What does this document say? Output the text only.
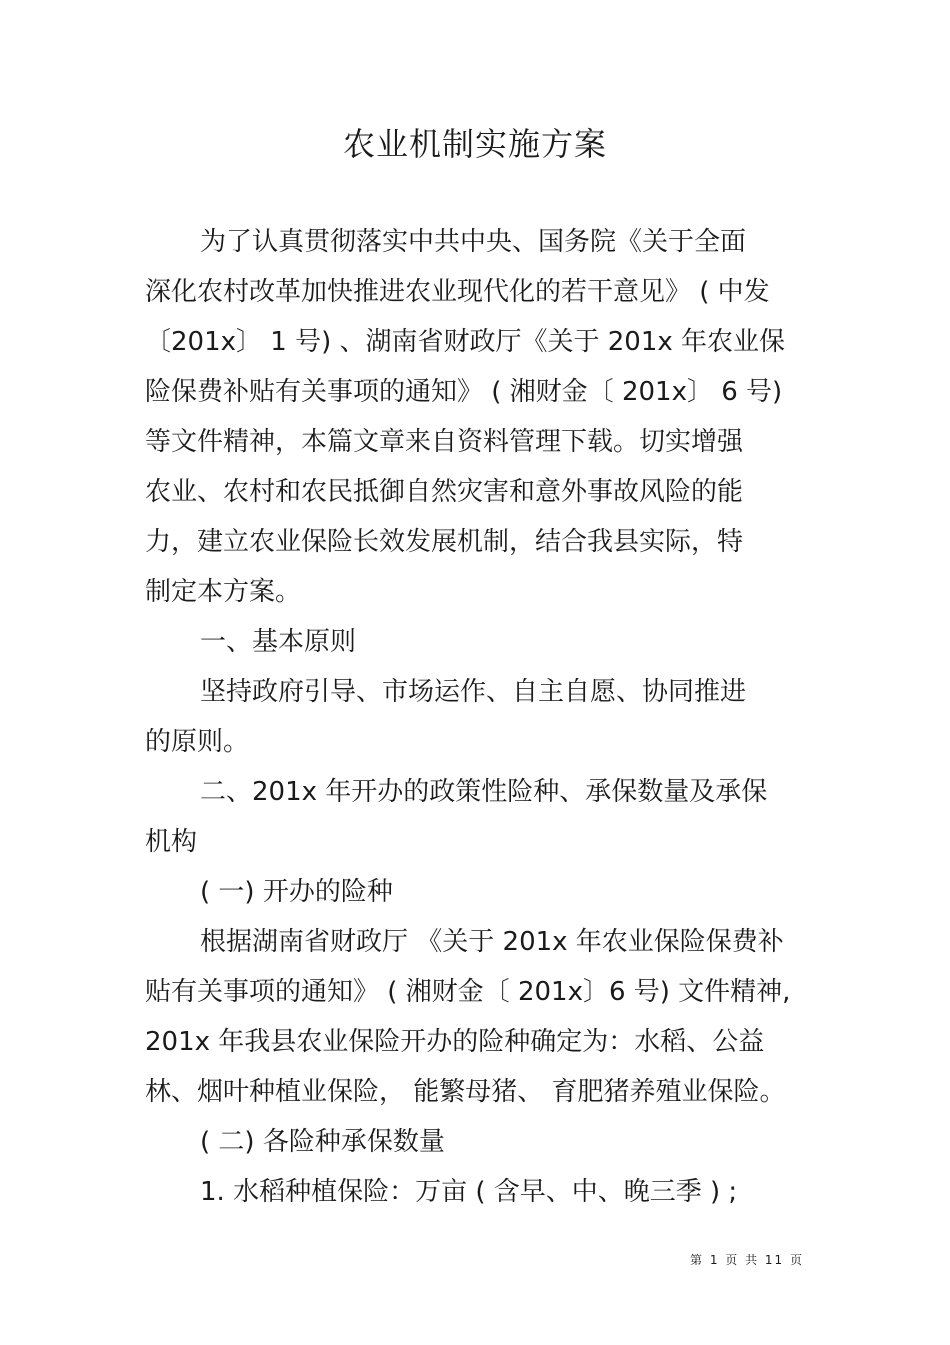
农业机制实施方案

为了认真贯彻落实中共中央、国务院《关于全面

深化农村改革加快推进农业现代化的若干意见》 ( 中发

〔201x〕 1 号) 、湖南省财政厅《关于 201x 年农业保

险保费补贴有关事项的通知》 ( 湘财金〔 201x〕 6 号)

等文件精神，本篇文章来自资料管理下载。切实增强

农业、农村和农民抵御自然灾害和意外事故风险的能

力，建立农业保险长效发展机制，结合我县实际，特

制定本方案。

一、基本原则

坚持政府引导、市场运作、自主自愿、协同推进

的原则。

二、201x 年开办的政策性险种、承保数量及承保

机构

( 一) 开办的险种

根据湖南省财政厅 《关于 201x 年农业保险保费补

贴有关事项的通知》 ( 湘财金〔 201x〕6 号) 文件精神,

201x 年我县农业保险开办的险种确定为：水稻、公益

林、烟叶种植业保险， 能繁母猪、 育肥猪养殖业保险。

( 二) 各险种承保数量

1. 水稻种植保险：万亩 ( 含早、中、晚三季 ) ;

第 1 页 共 11 页
